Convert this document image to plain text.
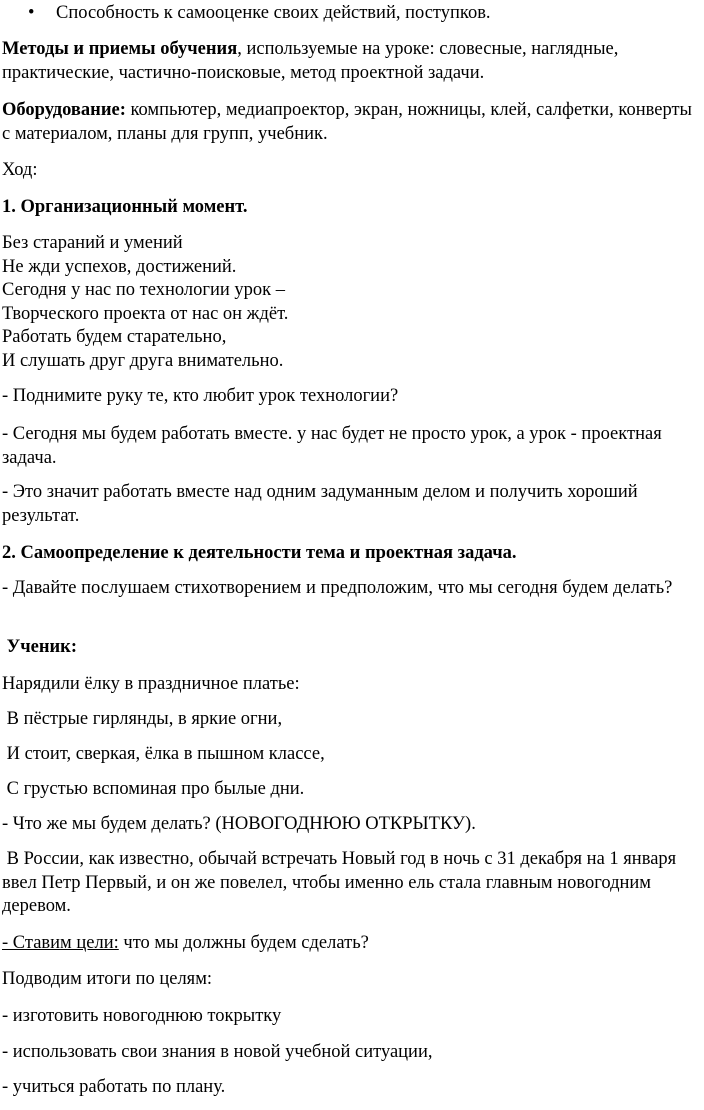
• Способность к самооценке своих действий, поступков.

Методы и приемы обучения, используемые на уроке: словесные, наглядные, практические, частично-поисковые, метод проектной задачи.

Оборудование: компьютер, медиапроектор, экран, ножницы, клей, салфетки, конверты с материалом, планы для групп, учебник.

Ход:

1. Организационный момент.

Без стараний и умений
Не жди успехов, достижений.
Сегодня у нас по технологии урок –
Творческого проекта от нас он ждёт.
Работать будем старательно,
И слушать друг друга внимательно.

- Поднимите руку те, кто любит урок технологии?

- Сегодня мы будем работать вместе. у нас будет не просто урок, а урок - проектная задача.

- Это значит работать вместе над одним задуманным делом и получить хороший результат.

2. Самоопределение к деятельности тема и проектная задача.

- Давайте послушаем стихотворением и предположим, что мы сегодня будем делать?

Ученик:

Нарядили ёлку в праздничное платье:

В пёстрые гирлянды, в яркие огни,

И стоит, сверкая, ёлка в пышном классе,

С грустью вспоминая про былые дни.

- Что же мы будем делать? (НОВОГОДНЮЮ ОТКРЫТКУ).

В России, как известно, обычай встречать Новый год в ночь с 31 декабря на 1 января ввел Петр Первый, и он же повелел, чтобы именно ель стала главным новогодним деревом.

- Ставим цели: что мы должны будем сделать?

Подводим итоги по целям:

- изготовить новогоднюю токрытку

- использовать свои знания в новой учебной ситуации,

- учиться работать по плану.
